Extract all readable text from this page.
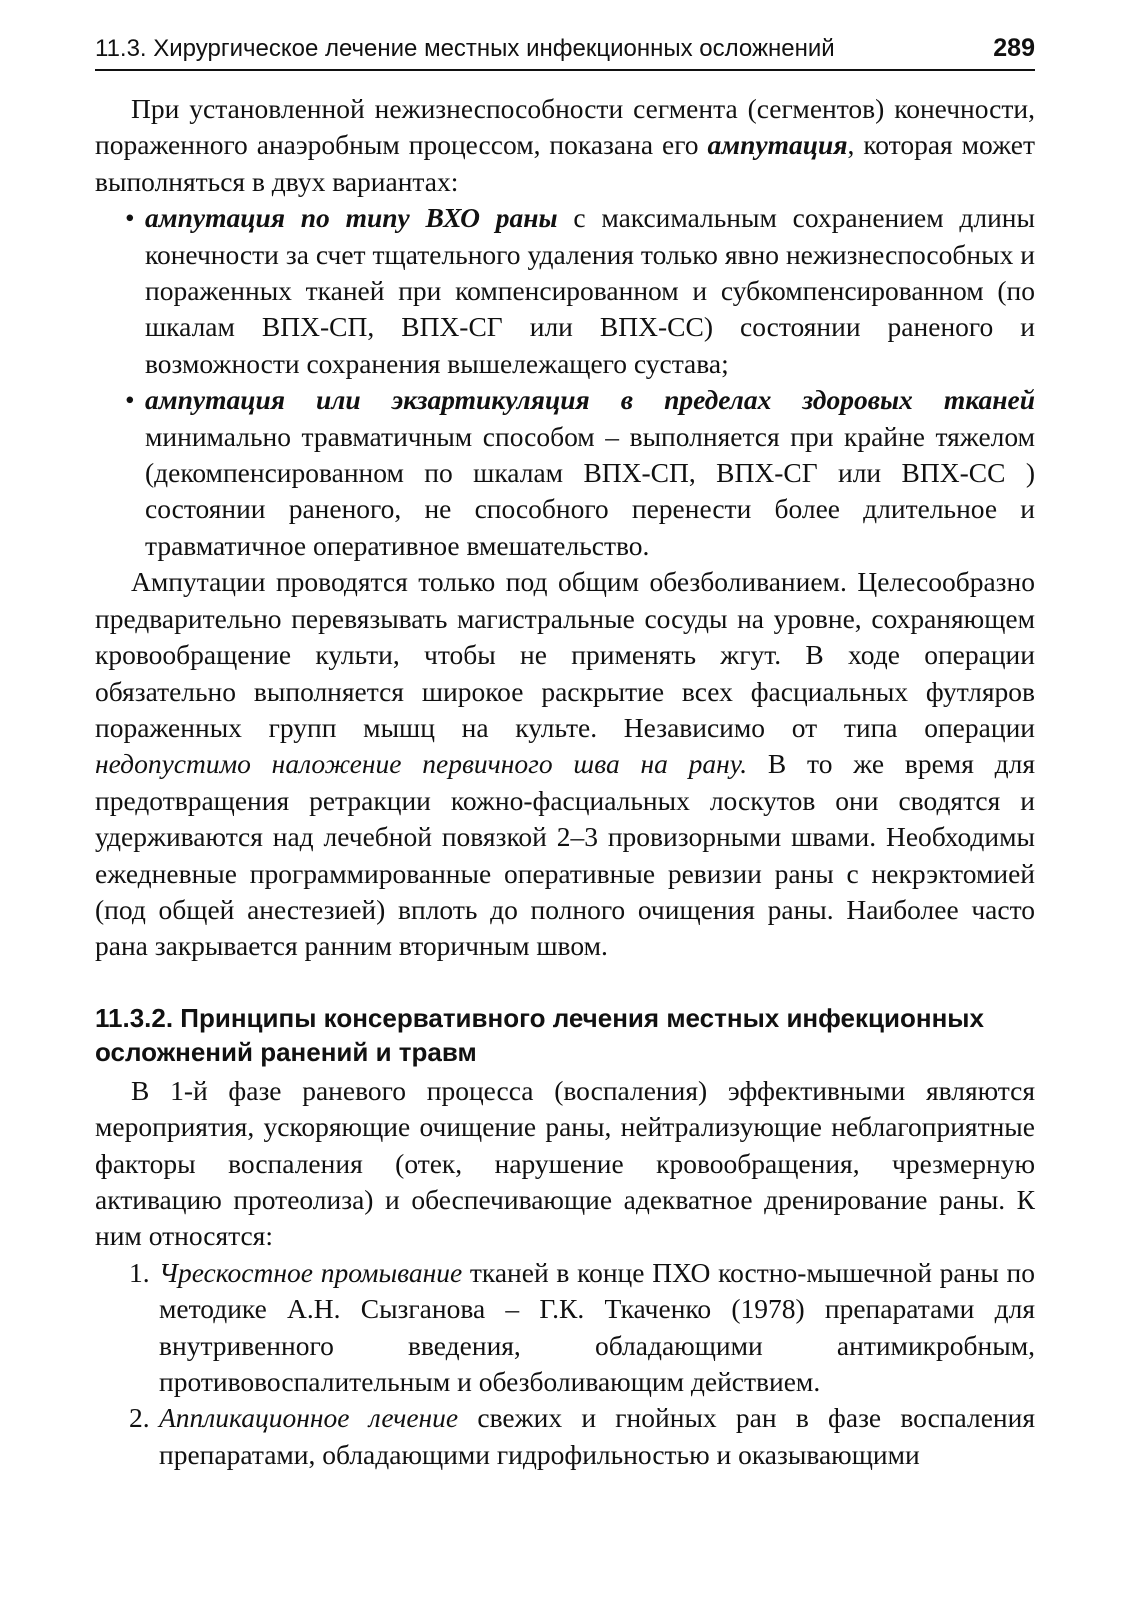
11.3. Хирургическое лечение местных инфекционных осложнений	289

При установленной нежизнеспособности сегмента (сегментов) конечности, пораженного анаэробным процессом, показана его ампутация, которая может выполняться в двух вариантах:

• ампутация по типу ВХО раны с максимальным сохранением длины конечности за счет тщательного удаления только явно нежизнеспособных и пораженных тканей при компенсированном и субкомпенсированном (по шкалам ВПХ-СП, ВПХ-СГ или ВПХ-СС) состоянии раненого и возможности сохранения вышележащего сустава;
• ампутация или экзартикуляция в пределах здоровых тканей минимально травматичным способом – выполняется при крайне тяжелом (декомпенсированном по шкалам ВПХ-СП, ВПХ-СГ или ВПХ-СС ) состоянии раненого, не способного перенести более длительное и травматичное оперативное вмешательство.

Ампутации проводятся только под общим обезболиванием. Целесообразно предварительно перевязывать магистральные сосуды на уровне, сохраняющем кровообращение культи, чтобы не применять жгут. В ходе операции обязательно выполняется широкое раскрытие всех фасциальных футляров пораженных групп мышц на культе. Независимо от типа операции недопустимо наложение первичного шва на рану. В то же время для предотвращения ретракции кожно-фасциальных лоскутов они сводятся и удерживаются над лечебной повязкой 2–3 провизорными швами. Необходимы ежедневные программированные оперативные ревизии раны с некрэктомией (под общей анестезией) вплоть до полного очищения раны. Наиболее часто рана закрывается ранним вторичным швом.

11.3.2. Принципы консервативного лечения местных инфекционных осложнений ранений и травм

В 1-й фазе раневого процесса (воспаления) эффективными являются мероприятия, ускоряющие очищение раны, нейтрализующие неблагоприятные факторы воспаления (отек, нарушение кровообращения, чрезмерную активацию протеолиза) и обеспечивающие адекватное дренирование раны. К ним относятся:

1. Чрескостное промывание тканей в конце ПХО костно-мышечной раны по методике А.Н. Сызганова – Г.К. Ткаченко (1978) препаратами для внутривенного введения, обладающими антимикробным, противовоспалительным и обезболивающим действием.
2. Аппликационное лечение свежих и гнойных ран в фазе воспаления препаратами, обладающими гидрофильностью и оказывающими
